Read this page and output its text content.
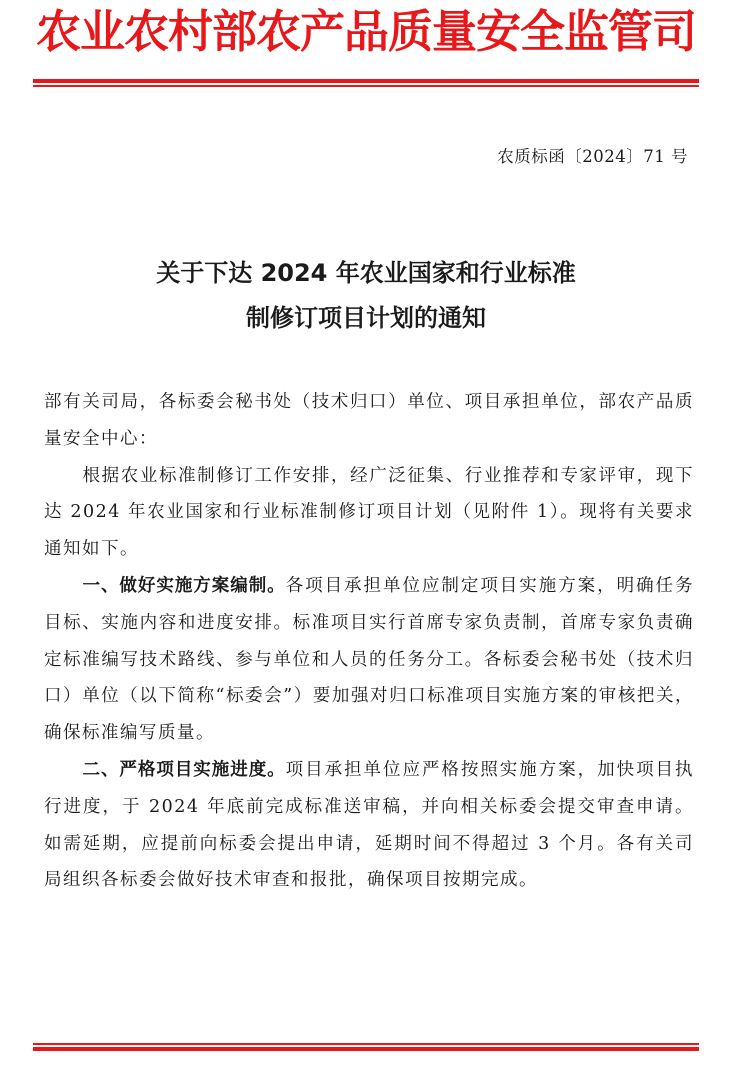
农业农村部农产品质量安全监管司
农质标函〔2024〕71 号
关于下达 2024 年农业国家和行业标准
制修订项目计划的通知

部有关司局，各标委会秘书处（技术归口）单位、项目承担单位，部农产品质量安全中心：

根据农业标准制修订工作安排，经广泛征集、行业推荐和专家评审，现下达 2024 年农业国家和行业标准制修订项目计划（见附件 1）。现将有关要求通知如下。

一、做好实施方案编制。各项目承担单位应制定项目实施方案，明确任务目标、实施内容和进度安排。标准项目实行首席专家负责制，首席专家负责确定标准编写技术路线、参与单位和人员的任务分工。各标委会秘书处（技术归口）单位（以下简称“标委会”）要加强对归口标准项目实施方案的审核把关，确保标准编写质量。

二、严格项目实施进度。项目承担单位应严格按照实施方案，加快项目执行进度，于 2024 年底前完成标准送审稿，并向相关标委会提交审查申请。如需延期，应提前向标委会提出申请，延期时间不得超过 3 个月。各有关司局组织各标委会做好技术审查和报批，确保项目按期完成。
